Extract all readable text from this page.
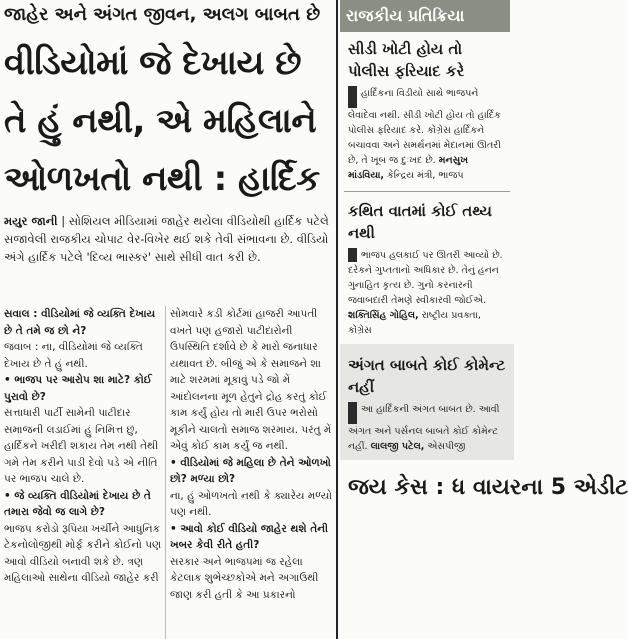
જાહેર અને અંગત જીવન, અલગ બાબત છે
વીડિયોમાં જે દેખાય છે
તે હું નથી, એ મહિલાને
ઓળખતો નથી : હાર્દિક
મયુર જાની | સોશિયલ મીડિયામાં જાહેર થયેલા વીડિયોથી હાર્દિક પટેલે સજાવેલી રાજકીય ચોપાટ વેર-વિખેર થઈ શકે તેવી સંભાવના છે. વીડિયો અંગે હાર્દિક પટેલે 'દિવ્ય ભાસ્કર' સાથે સીધી વાત કરી છે.
સવાલ : વીડિયોમાં જે વ્યક્તિ દેખાય છે તે તમે જ છો ને?
જવાબ : ના, વીડિયોમાં જે વ્યક્તિ દેખાય છે તે હું નથી.
• ભાજપ પર આરોપ શા માટે? કોઈ પુરાવો છે?
સત્તાધારી પાર્ટી સામેની પાટીદાર સમાજની લડાઈમાં હું નિમિત્ત છું, હાર્દિકને ખરીદી શકાય તેમ નથી તેથી ગમે તેમ કરીને પાડી દેવો પડે એ નીતિ પર ભાજપ ચાલે છે.
• જે વ્યક્તિ વીડિયોમાં દેખાય છે તે તમારા જેવો જ લાગે છે?
ભાજપ કરોડો રૂપિયા ખર્ચીને આધુનિક ટેકનોલોજીથી મોર્ફ કરીને કોઈનો પણ આવો વીડિયો બનાવી શકે છે. ત્રણ મહિલાઓ સાથેના વીડિયો જાહેર કરી
સોમવારે કડી કોર્ટમાં હાજરી આપતી વખતે પણ હજારો પાટીદારોની ઉપસ્થિતિ દર્શાવે છે કે મારો જનાધાર યથાવત છે. બીજું એ કે સમાજને શા માટે શરમમાં મૂકાવું પડે જો મેં આંદોલનના મૂળ હેતુને દ્રોહ કરતું કોઈ કામ કર્યું હોય તો મારી ઉપર ભરોસો મૂકીને ચાલતો સમાજ શરમાય. પરંતુ મેં એવું કોઈ કામ કર્યું જ નથી.
• વીડિયોમાં જે મહિલા છે તેને ઓળખો છો? મળ્યા છો?
ના, હું ઓળખતો નથી કે ક્યારેય મળ્યો પણ નથી.
• આવો કોઈ વીડિયો જાહેર થશે તેની ખબર કેવી રીતે હતી?
સરકાર અને ભાજપમાં જ રહેલા કેટલાક શુભેચ્છકોએ મને અગાઉથી જાણ કરી હતી કે આ પ્રકારનો
રાજકીય પ્રતિક્રિયા
સીડી ખોટી હોય તો પોલીસ ફરિયાદ કરે
હાર્દિકના વિડીયો સાથે ભાજપને લેવાદેવા નથી. સીડી ખોટી હોય તો હાર્દિક પોલીસ ફરિયાદ કરે. કોંગ્રેસ હાર્દિકને બચાવવા અને સમર્થનમાં મેદાનમાં ઊતરી છે, તે ખૂબ જ દુઃખદ છે. મનસુખ માંડવિયા, કેન્દ્રિય મંત્રી, ભાજપ
કથિત વાતમાં કોઈ તથ્ય નથી
ભાજપ હલકાઈ પર ઊતરી આવ્યો છે. દરેકને ગુપ્તતાનો અધિકાર છે. તેનું હનન ગુનાહિત કૃત્ય છે. ગુનો કરનારની જવાબદારી તેમણે સ્વીકારવી જોઈએ. શક્તિસિંહ ગોહિલ, રાષ્ટ્રીય પ્રવક્તા, કોંગ્રેસ
અંગત બાબતે કોઈ કોમેન્ટ નહીં
આ હાર્દિકની અંગત બાબત છે. આવી અંગત અને પર્સનલ બાબતે કોઈ કોમેન્ટ નહીં. લાલજી પટેલ, એસપીજી
જય કેસ : ધ વાયરના 5 એડીટ
